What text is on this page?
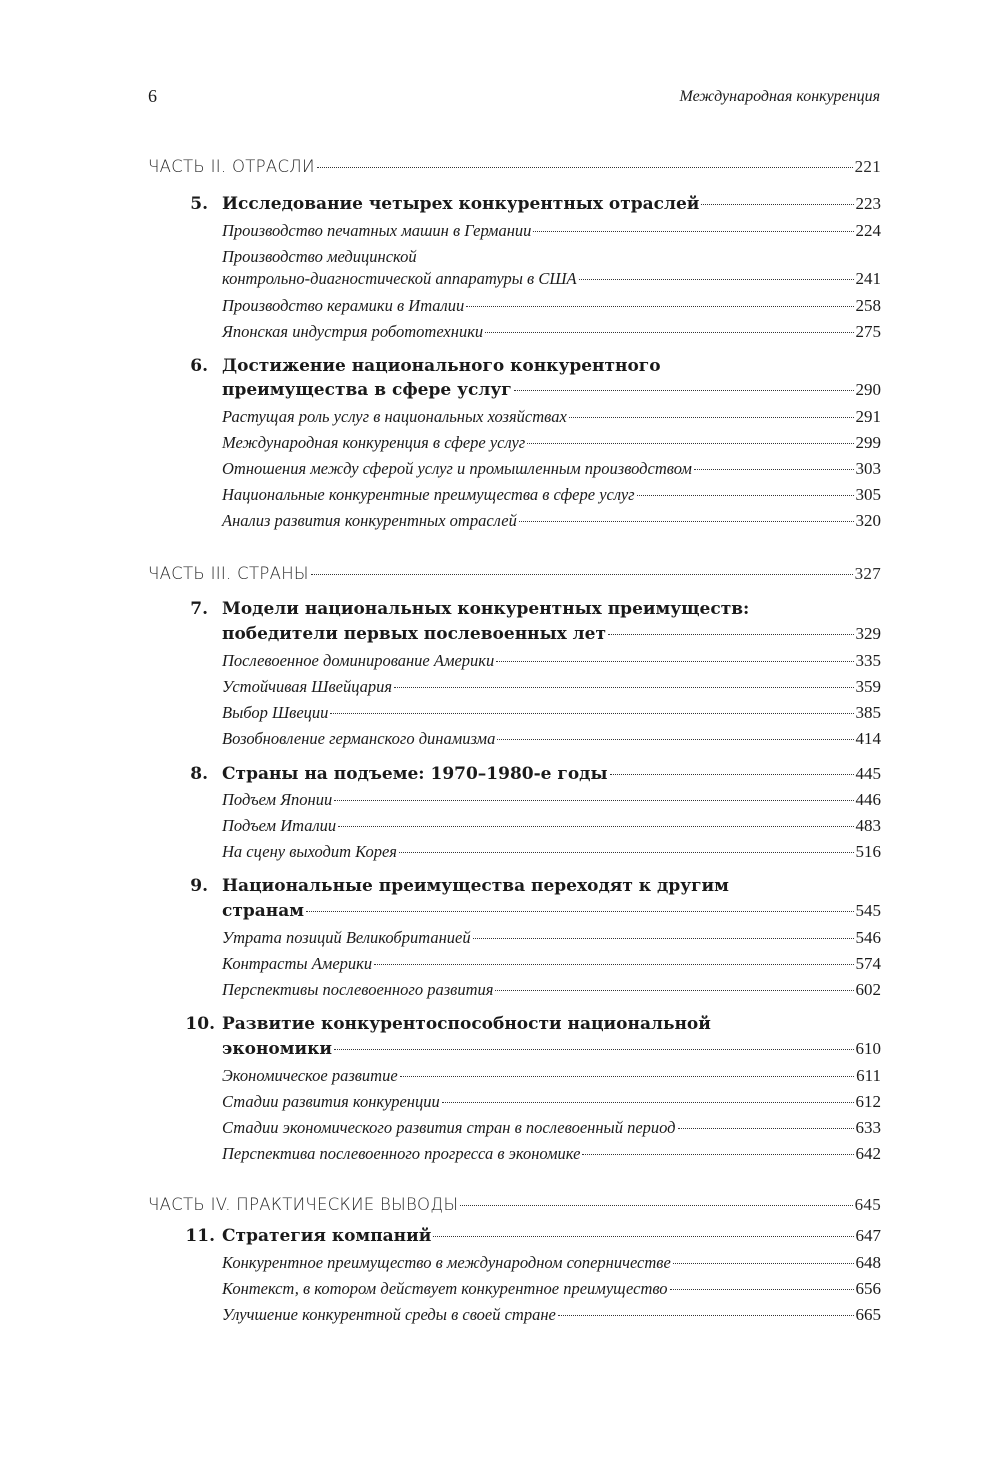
6	Международная конкуренция
ЧАСТЬ II. ОТРАСЛИ	221
5. Исследование четырех конкурентных отраслей	223
Производство печатных машин в Германии	224
Производство медицинской
контрольно-диагностической аппаратуры в США	241
Производство керамики в Италии	258
Японская индустрия робототехники	275
6. Достижение национального конкурентного
преимущества в сфере услуг	290
Растущая роль услуг в национальных хозяйствах	291
Международная конкуренция в сфере услуг	299
Отношения между сферой услуг и промышленным производством	303
Национальные конкурентные преимущества в сфере услуг	305
Анализ развития конкурентных отраслей	320
ЧАСТЬ III. СТРАНЫ	327
7. Модели национальных конкурентных преимуществ:
победители первых послевоенных лет	329
Послевоенное доминирование Америки	335
Устойчивая Швейцария	359
Выбор Швеции	385
Возобновление германского динамизма	414
8. Страны на подъеме: 1970–1980-е годы	445
Подъем Японии	446
Подъем Италии	483
На сцену выходит Корея	516
9. Национальные преимущества переходят к другим
странам	545
Утрата позиций Великобританией	546
Контрасты Америки	574
Перспективы послевоенного развития	602
10. Развитие конкурентоспособности национальной
экономики	610
Экономическое развитие	611
Стадии развития конкуренции	612
Стадии экономического развития стран в послевоенный период	633
Перспектива послевоенного прогресса в экономике	642
ЧАСТЬ IV. ПРАКТИЧЕСКИЕ ВЫВОДЫ	645
11. Стратегия компаний	647
Конкурентное преимущество в международном соперничестве	648
Контекст, в котором действует конкурентное преимущество	656
Улучшение конкурентной среды в своей стране	665
